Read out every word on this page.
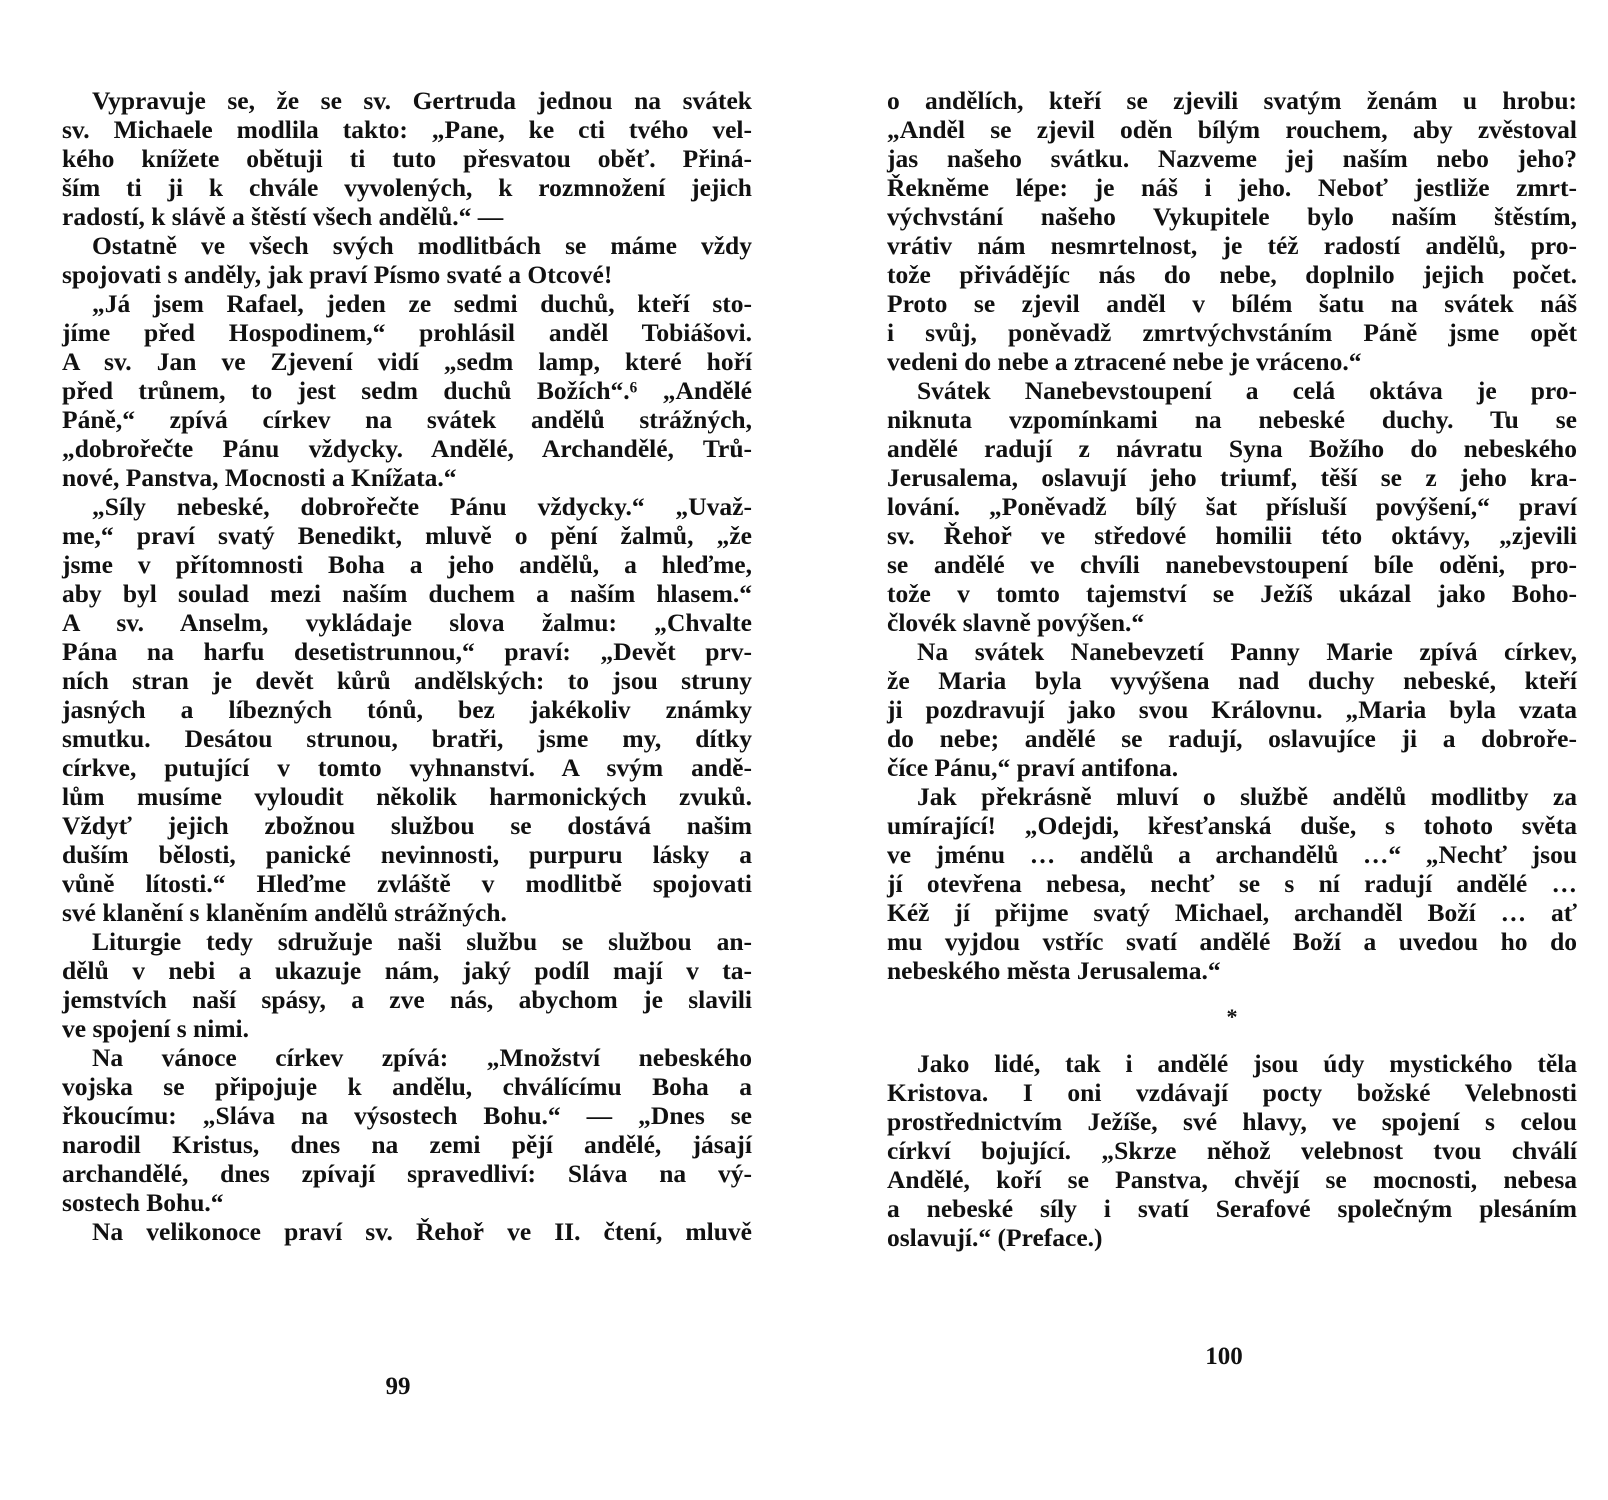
Vypravuje se, že se sv. Gertruda jednou na svátek
sv. Michaele modlila takto: „Pane, ke cti tvého vel-
kého knížete obětuji ti tuto přesvatou oběť. Přiná-
ším ti ji k chvále vyvolených, k rozmnožení jejich
radostí, k slávě a štěstí všech andělů.“ —
Ostatně ve všech svých modlitbách se máme vždy
spojovati s anděly, jak praví Písmo svaté a Otcové!
„Já jsem Rafael, jeden ze sedmi duchů, kteří sto-
jíme před Hospodinem,“ prohlásil anděl Tobiášovi.
A sv. Jan ve Zjevení vidí „sedm lamp, které hoří
před trůnem, to jest sedm duchů Božích“.⁶ „Andělé
Páně,“ zpívá církev na svátek andělů strážných,
„dobrořečte Pánu vždycky. Andělé, Archandělé, Trů-
nové, Panstva, Mocnosti a Knížata.“
„Síly nebeské, dobrořečte Pánu vždycky.“ „Uvaž-
me,“ praví svatý Benedikt, mluvě o pění žalmů, „že
jsme v přítomnosti Boha a jeho andělů, a hleďme,
aby byl soulad mezi naším duchem a naším hlasem.“
A sv. Anselm, vykládaje slova žalmu: „Chvalte
Pána na harfu desetistrunnou,“ praví: „Devět prv-
ních stran je devět kůrů andělských: to jsou struny
jasných a líbezných tónů, bez jakékoliv známky
smutku. Desátou strunou, bratři, jsme my, dítky
církve, putující v tomto vyhnanství. A svým andě-
lům musíme vyloudit několik harmonických zvuků.
Vždyť jejich zbožnou službou se dostává našim
duším bělosti, panické nevinnosti, purpuru lásky a
vůně lítosti.“ Hleďme zvláště v modlitbě spojovati
své klanění s klaněním andělů strážných.
Liturgie tedy sdružuje naši službu se službou an-
dělů v nebi a ukazuje nám, jaký podíl mají v ta-
jemstvích naší spásy, a zve nás, abychom je slavili
ve spojení s nimi.
Na vánoce církev zpívá: „Množství nebeského
vojska se připojuje k andělu, chválícímu Boha a
řkoucímu: „Sláva na výsostech Bohu.“ — „Dnes se
narodil Kristus, dnes na zemi pějí andělé, jásají
archandělé, dnes zpívají spravedliví: Sláva na vý-
sostech Bohu.“
Na velikonoce praví sv. Řehoř ve II. čtení, mluvě
99
o andělích, kteří se zjevili svatým ženám u hrobu:
„Anděl se zjevil oděn bílým rouchem, aby zvěstoval
jas našeho svátku. Nazveme jej naším nebo jeho?
Řekněme lépe: je náš i jeho. Neboť jestliže zmrt-
výchvstání našeho Vykupitele bylo naším štěstím,
vrátiv nám nesmrtelnost, je též radostí andělů, pro-
tože přivádějíc nás do nebe, doplnilo jejich počet.
Proto se zjevil anděl v bílém šatu na svátek náš
i svůj, poněvadž zmrtvýchvstáním Páně jsme opět
vedeni do nebe a ztracené nebe je vráceno.“
Svátek Nanebevstoupení a celá oktáva je pro-
niknuta vzpomínkami na nebeské duchy. Tu se
andělé radují z návratu Syna Božího do nebeského
Jerusalema, oslavují jeho triumf, těší se z jeho kra-
lování. „Poněvadž bílý šat přísluší povýšení,“ praví
sv. Řehoř ve středové homilii této oktávy, „zjevili
se andělé ve chvíli nanebevstoupení bíle oděni, pro-
tože v tomto tajemství se Ježíš ukázal jako Boho-
človék slavně povýšen.“
Na svátek Nanebevzetí Panny Marie zpívá církev,
že Maria byla vyvýšena nad duchy nebeské, kteří
ji pozdravují jako svou Královnu. „Maria byla vzata
do nebe; andělé se radují, oslavujíce ji a dobroře-
číce Pánu,“ praví antifona.
Jak překrásně mluví o službě andělů modlitby za
umírající! „Odejdi, křesťanská duše, s tohoto světa
ve jménu … andělů a archandělů …“ „Nechť jsou
jí otevřena nebesa, nechť se s ní radují andělé …
Kéž jí přijme svatý Michael, archanděl Boží … ať
mu vyjdou vstříc svatí andělé Boží a uvedou ho do
nebeského města Jerusalema.“
*
Jako lidé, tak i andělé jsou údy mystického těla
Kristova. I oni vzdávají pocty božské Velebnosti
prostřednictvím Ježíše, své hlavy, ve spojení s celou
církví bojující. „Skrze něhož velebnost tvou chválí
Andělé, koří se Panstva, chvějí se mocnosti, nebesa
a nebeské síly i svatí Serafové společným plesáním
oslavují.“ (Preface.)
100
